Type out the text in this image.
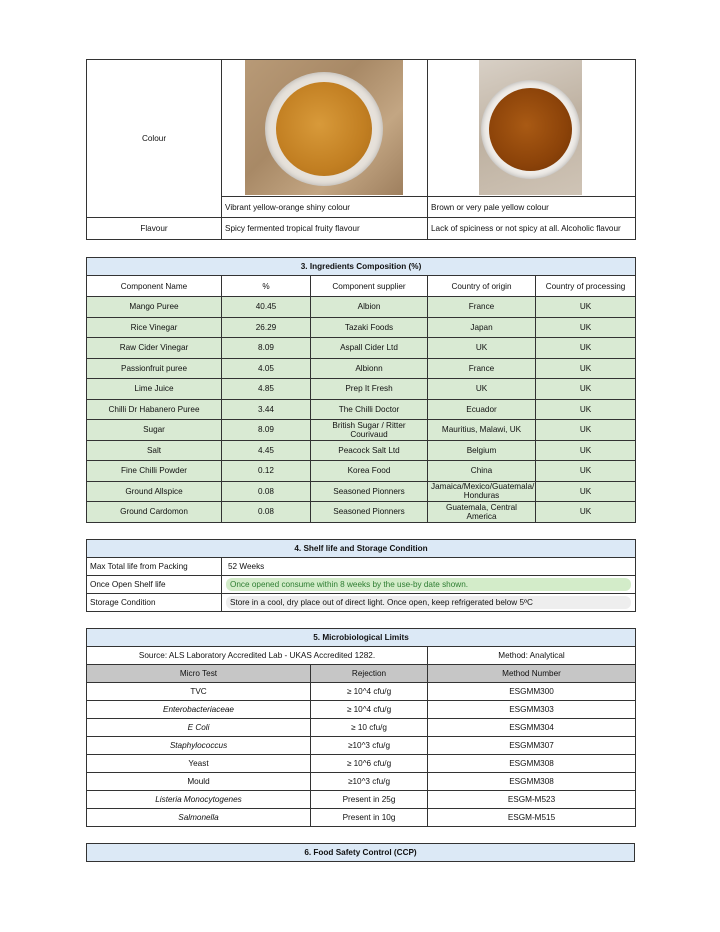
Colour		
	Vibrant yellow-orange shiny colour	Brown or very pale yellow colour
Flavour	Spicy fermented tropical fruity flavour	Lack of spiciness or not spicy at all. Alcoholic flavour
3. Ingredients Composition (%)				
Component Name	%	Component supplier	Country of origin	Country of processing
Mango Puree	40.45	Albion	France	UK
Rice Vinegar	26.29	Tazaki Foods	Japan	UK
Raw Cider Vinegar	8.09	Aspall Cider Ltd	UK	UK
Passionfruit puree	4.05	Albionn	France	UK
Lime Juice	4.85	Prep It Fresh	UK	UK
Chilli Dr Habanero Puree	3.44	The Chilli Doctor	Ecuador	UK
Sugar	8.09	British Sugar / Ritter Courivaud	Mauritius, Malawi, UK	UK
Salt	4.45	Peacock Salt Ltd	Belgium	UK
Fine Chilli Powder	0.12	Korea Food	China	UK
Ground Allspice	0.08	Seasoned Pionners	Jamaica/Mexico/Guatemala/ Honduras	UK
Ground Cardomon	0.08	Seasoned Pionners	Guatemala, Central America	UK
4. Shelf life and Storage Condition	
Max Total life from Packing	52 Weeks
Once Open Shelf life	Once opened consume within 8 weeks by the use-by date shown.

Storage Condition	Store in a cool, dry place out of direct light. Once open, keep refrigerated below 5ºC
5. Microbiological Limits		
Source: ALS Laboratory Accredited Lab - UKAS Accredited 1282.		Method: Analytical
Micro Test	Rejection	Method Number
TVC	≥ 10^4 cfu/g	ESGMM300
Enterobacteriaceae	≥ 10^4 cfu/g	ESGMM303
E Coli	≥ 10 cfu/g	ESGMM304
Staphylococcus	≥10^3 cfu/g	ESGMM307
Yeast	≥ 10^6 cfu/g	ESGMM308
Mould	≥10^3 cfu/g	ESGMM308
Listeria Monocytogenes	Present in 25g	ESGM-M523
Salmonella	Present in 10g	ESGM-M515
6. Food Safety Control (CCP)
